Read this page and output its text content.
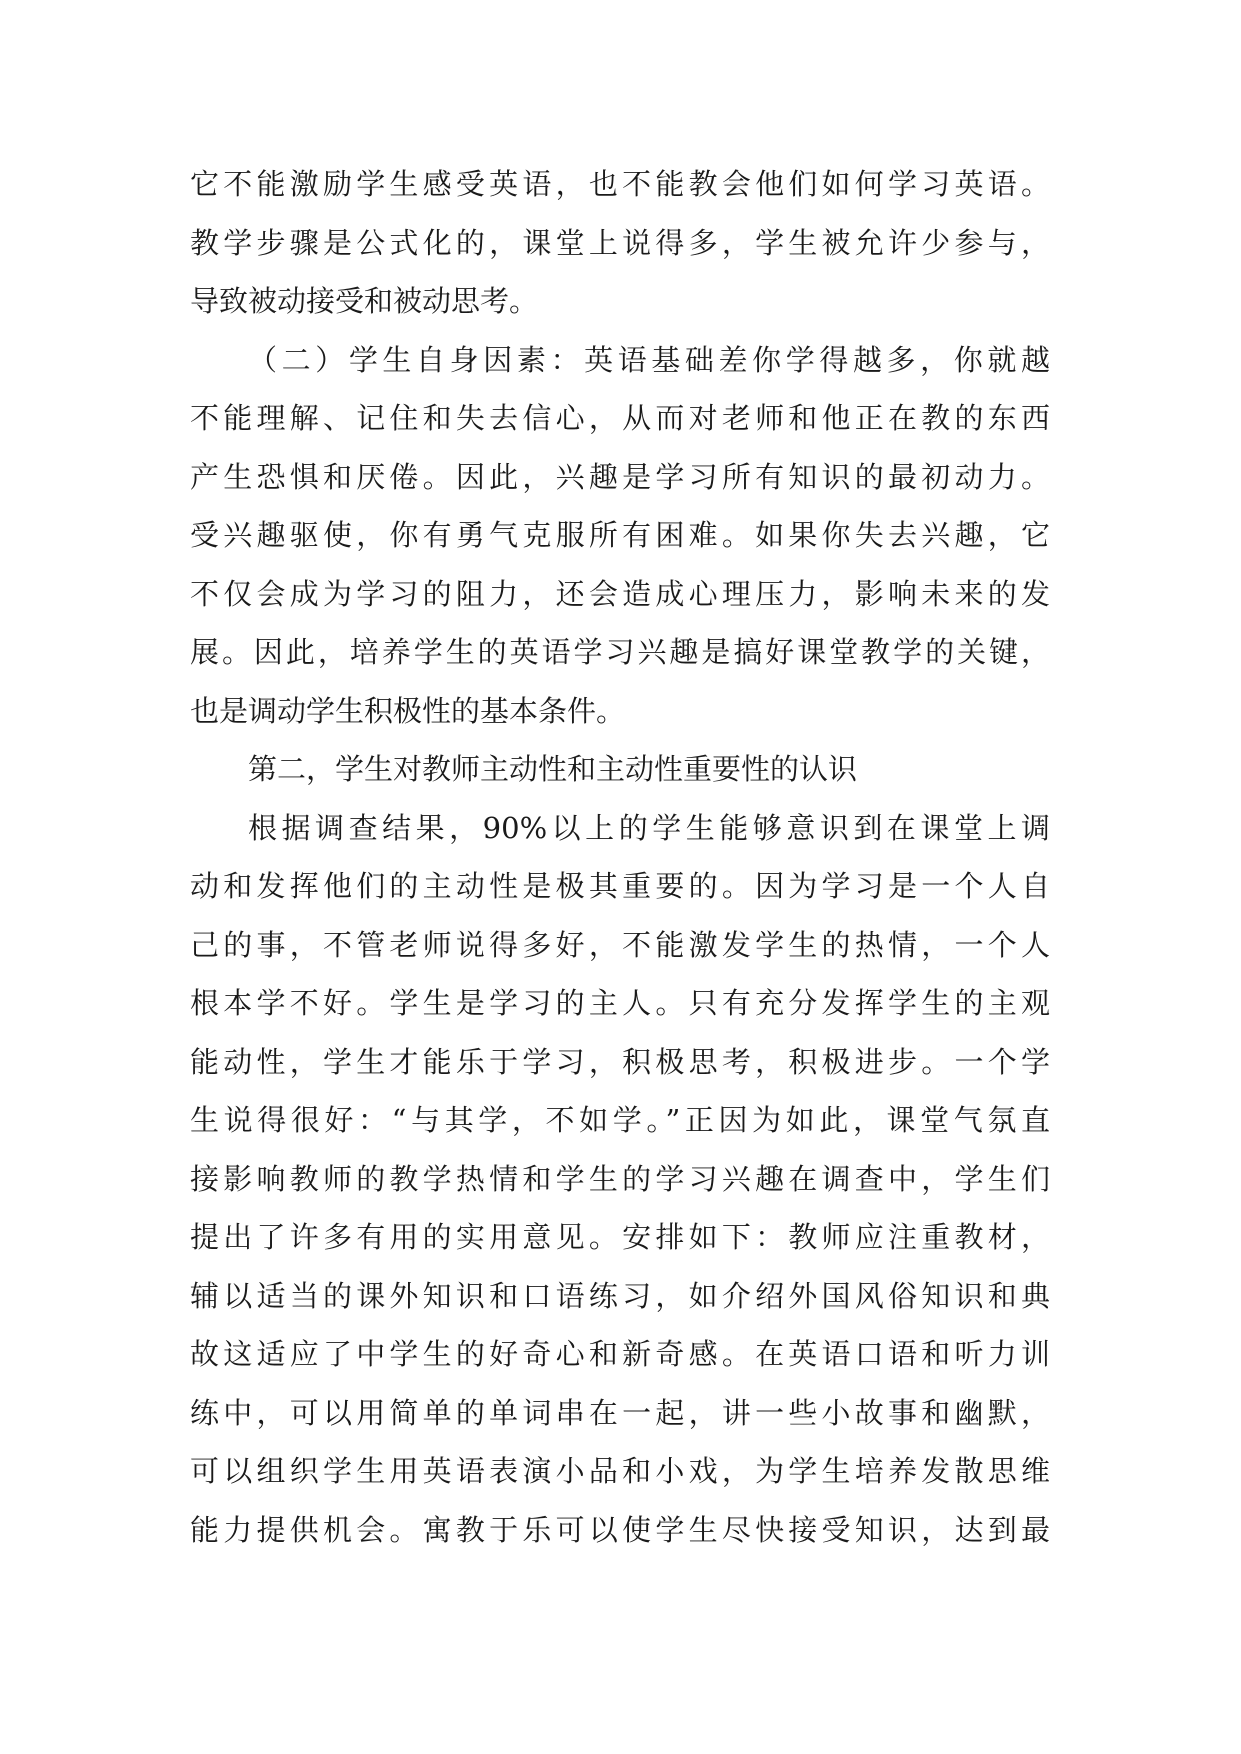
它不能激励学生感受英语，也不能教会他们如何学习英语。
教学步骤是公式化的，课堂上说得多，学生被允许少参与，
导致被动接受和被动思考。
（二）学生自身因素：英语基础差你学得越多，你就越
不能理解、记住和失去信心，从而对老师和他正在教的东西
产生恐惧和厌倦。因此，兴趣是学习所有知识的最初动力。
受兴趣驱使，你有勇气克服所有困难。如果你失去兴趣，它
不仅会成为学习的阻力，还会造成心理压力，影响未来的发
展。因此，培养学生的英语学习兴趣是搞好课堂教学的关键，
也是调动学生积极性的基本条件。
第二，学生对教师主动性和主动性重要性的认识
根据调查结果，90%以上的学生能够意识到在课堂上调
动和发挥他们的主动性是极其重要的。因为学习是一个人自
己的事，不管老师说得多好，不能激发学生的热情，一个人
根本学不好。学生是学习的主人。只有充分发挥学生的主观
能动性，学生才能乐于学习，积极思考，积极进步。一个学
生说得很好：“与其学，不如学。”正因为如此，课堂气氛直
接影响教师的教学热情和学生的学习兴趣在调查中，学生们
提出了许多有用的实用意见。安排如下：教师应注重教材，
辅以适当的课外知识和口语练习，如介绍外国风俗知识和典
故这适应了中学生的好奇心和新奇感。在英语口语和听力训
练中，可以用简单的单词串在一起，讲一些小故事和幽默，
可以组织学生用英语表演小品和小戏，为学生培养发散思维
能力提供机会。寓教于乐可以使学生尽快接受知识，达到最
